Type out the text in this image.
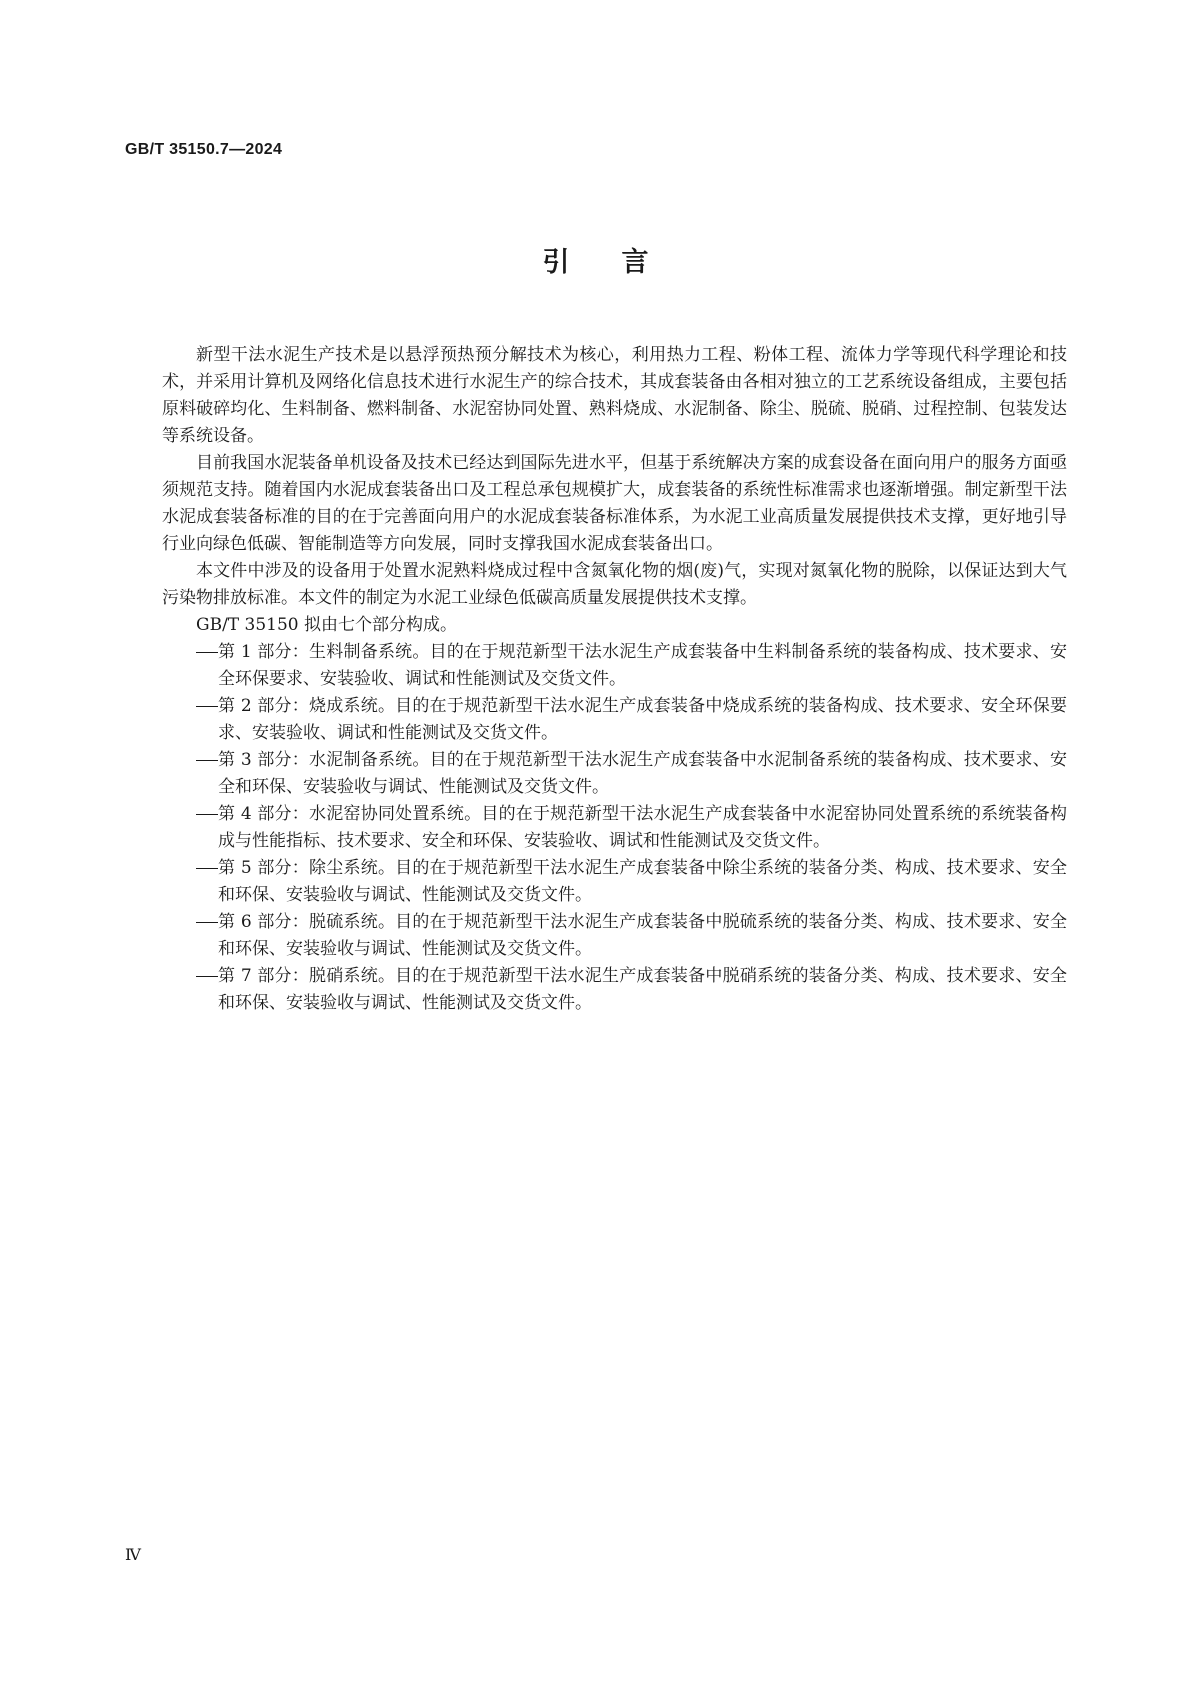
GB/T 35150.7—2024
引言

新型干法水泥生产技术是以悬浮预热预分解技术为核心，利用热力工程、粉体工程、流体力学等现代科学理论和技术，并采用计算机及网络化信息技术进行水泥生产的综合技术，其成套装备由各相对独立的工艺系统设备组成，主要包括原料破碎均化、生料制备、燃料制备、水泥窑协同处置、熟料烧成、水泥制备、除尘、脱硫、脱硝、过程控制、包装发达等系统设备。

目前我国水泥装备单机设备及技术已经达到国际先进水平，但基于系统解决方案的成套设备在面向用户的服务方面亟须规范支持。随着国内水泥成套装备出口及工程总承包规模扩大，成套装备的系统性标准需求也逐渐增强。制定新型干法水泥成套装备标准的目的在于完善面向用户的水泥成套装备标准体系，为水泥工业高质量发展提供技术支撑，更好地引导行业向绿色低碳、智能制造等方向发展，同时支撑我国水泥成套装备出口。

本文件中涉及的设备用于处置水泥熟料烧成过程中含氮氧化物的烟(废)气，实现对氮氧化物的脱除，以保证达到大气污染物排放标准。本文件的制定为水泥工业绿色低碳高质量发展提供技术支撑。

GB/T 35150 拟由七个部分构成。

第 1 部分：生料制备系统。目的在于规范新型干法水泥生产成套装备中生料制备系统的装备构成、技术要求、安全环保要求、安装验收、调试和性能测试及交货文件。
第 2 部分：烧成系统。目的在于规范新型干法水泥生产成套装备中烧成系统的装备构成、技术要求、安全环保要求、安装验收、调试和性能测试及交货文件。
第 3 部分：水泥制备系统。目的在于规范新型干法水泥生产成套装备中水泥制备系统的装备构成、技术要求、安全和环保、安装验收与调试、性能测试及交货文件。
第 4 部分：水泥窑协同处置系统。目的在于规范新型干法水泥生产成套装备中水泥窑协同处置系统的系统装备构成与性能指标、技术要求、安全和环保、安装验收、调试和性能测试及交货文件。
第 5 部分：除尘系统。目的在于规范新型干法水泥生产成套装备中除尘系统的装备分类、构成、技术要求、安全和环保、安装验收与调试、性能测试及交货文件。
第 6 部分：脱硫系统。目的在于规范新型干法水泥生产成套装备中脱硫系统的装备分类、构成、技术要求、安全和环保、安装验收与调试、性能测试及交货文件。
第 7 部分：脱硝系统。目的在于规范新型干法水泥生产成套装备中脱硝系统的装备分类、构成、技术要求、安全和环保、安装验收与调试、性能测试及交货文件。
Ⅳ
